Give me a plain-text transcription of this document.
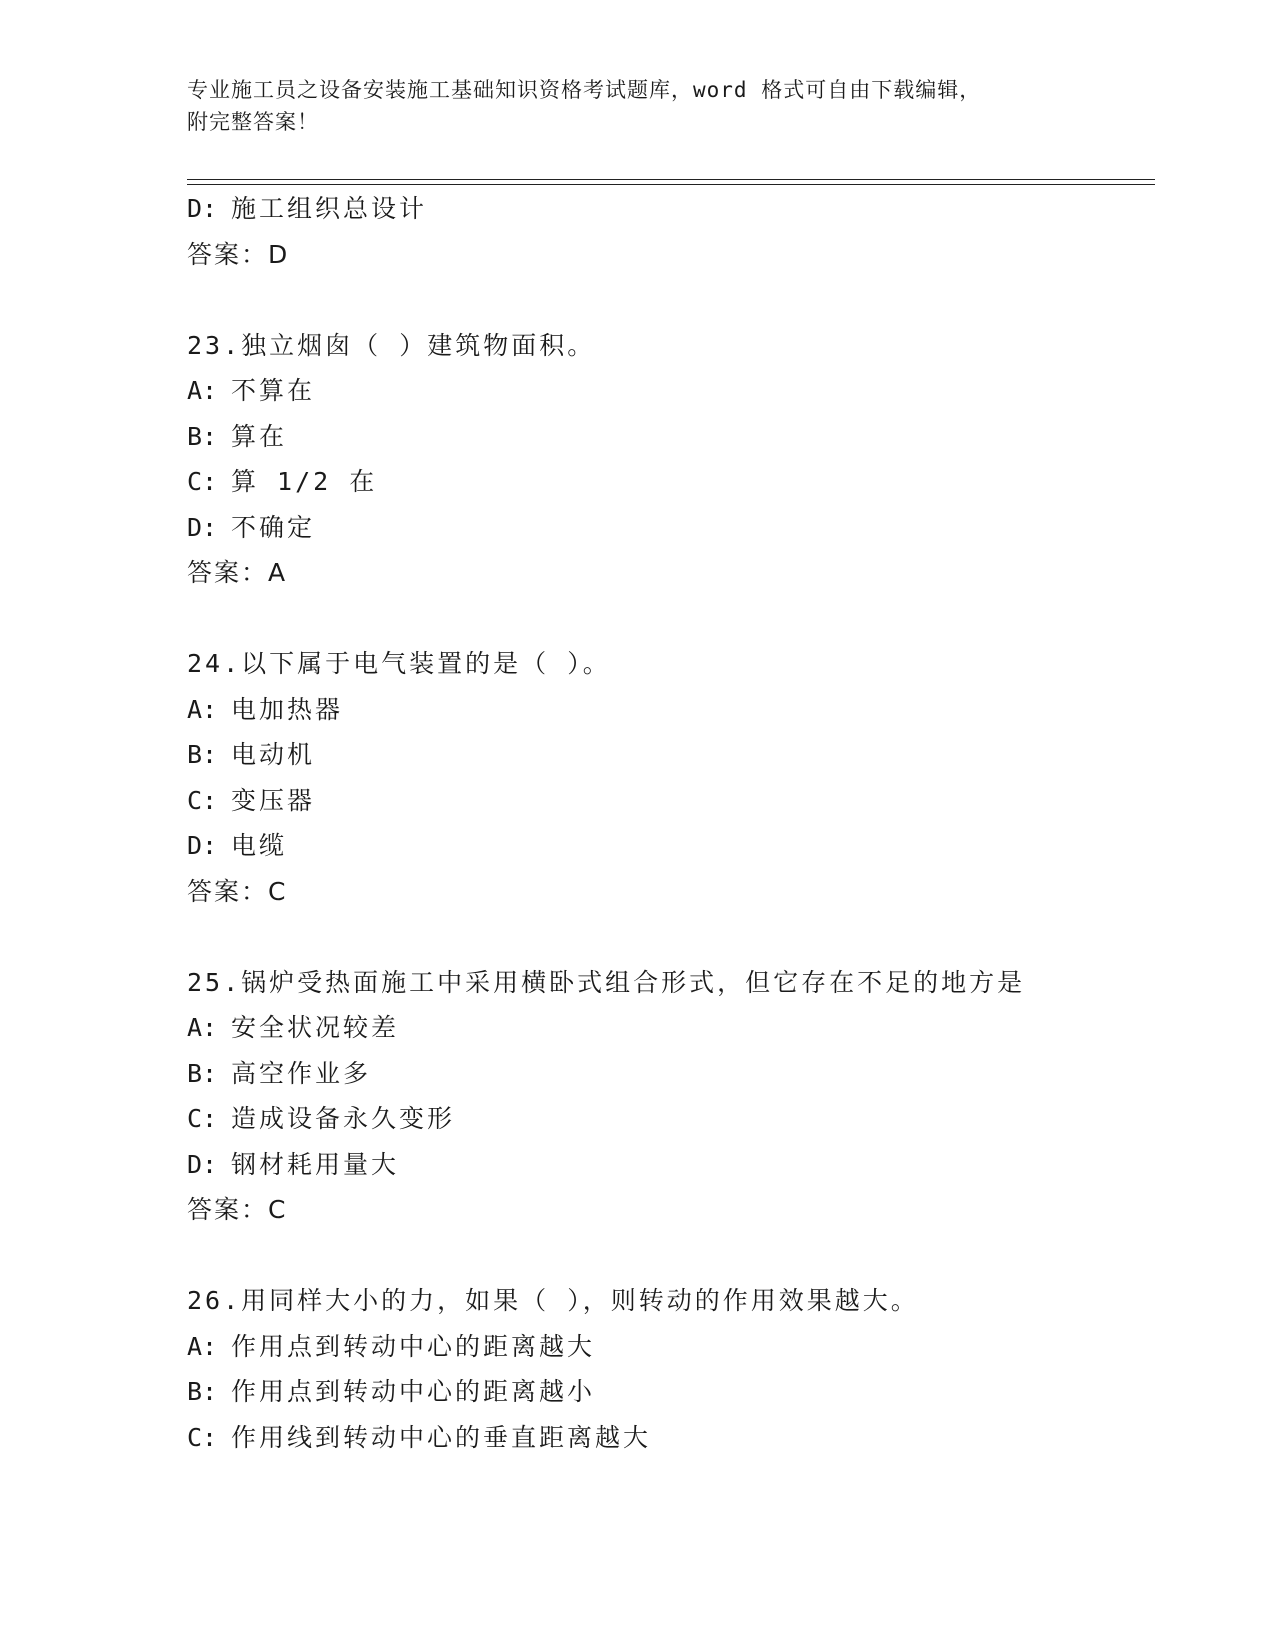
专业施工员之设备安装施工基础知识资格考试题库，word 格式可自由下载编辑，
附完整答案！
D: 施工组织总设计
答案：D
23.独立烟囱（ ）建筑物面积。
A: 不算在
B: 算在
C: 算 1/2 在
D: 不确定
答案：A
24.以下属于电气装置的是（ ）。
A: 电加热器
B: 电动机
C: 变压器
D: 电缆
答案：C
25.锅炉受热面施工中采用横卧式组合形式，但它存在不足的地方是
A: 安全状况较差
B: 高空作业多
C: 造成设备永久变形
D: 钢材耗用量大
答案：C
26.用同样大小的力，如果（ ），则转动的作用效果越大。
A: 作用点到转动中心的距离越大
B: 作用点到转动中心的距离越小
C: 作用线到转动中心的垂直距离越大
